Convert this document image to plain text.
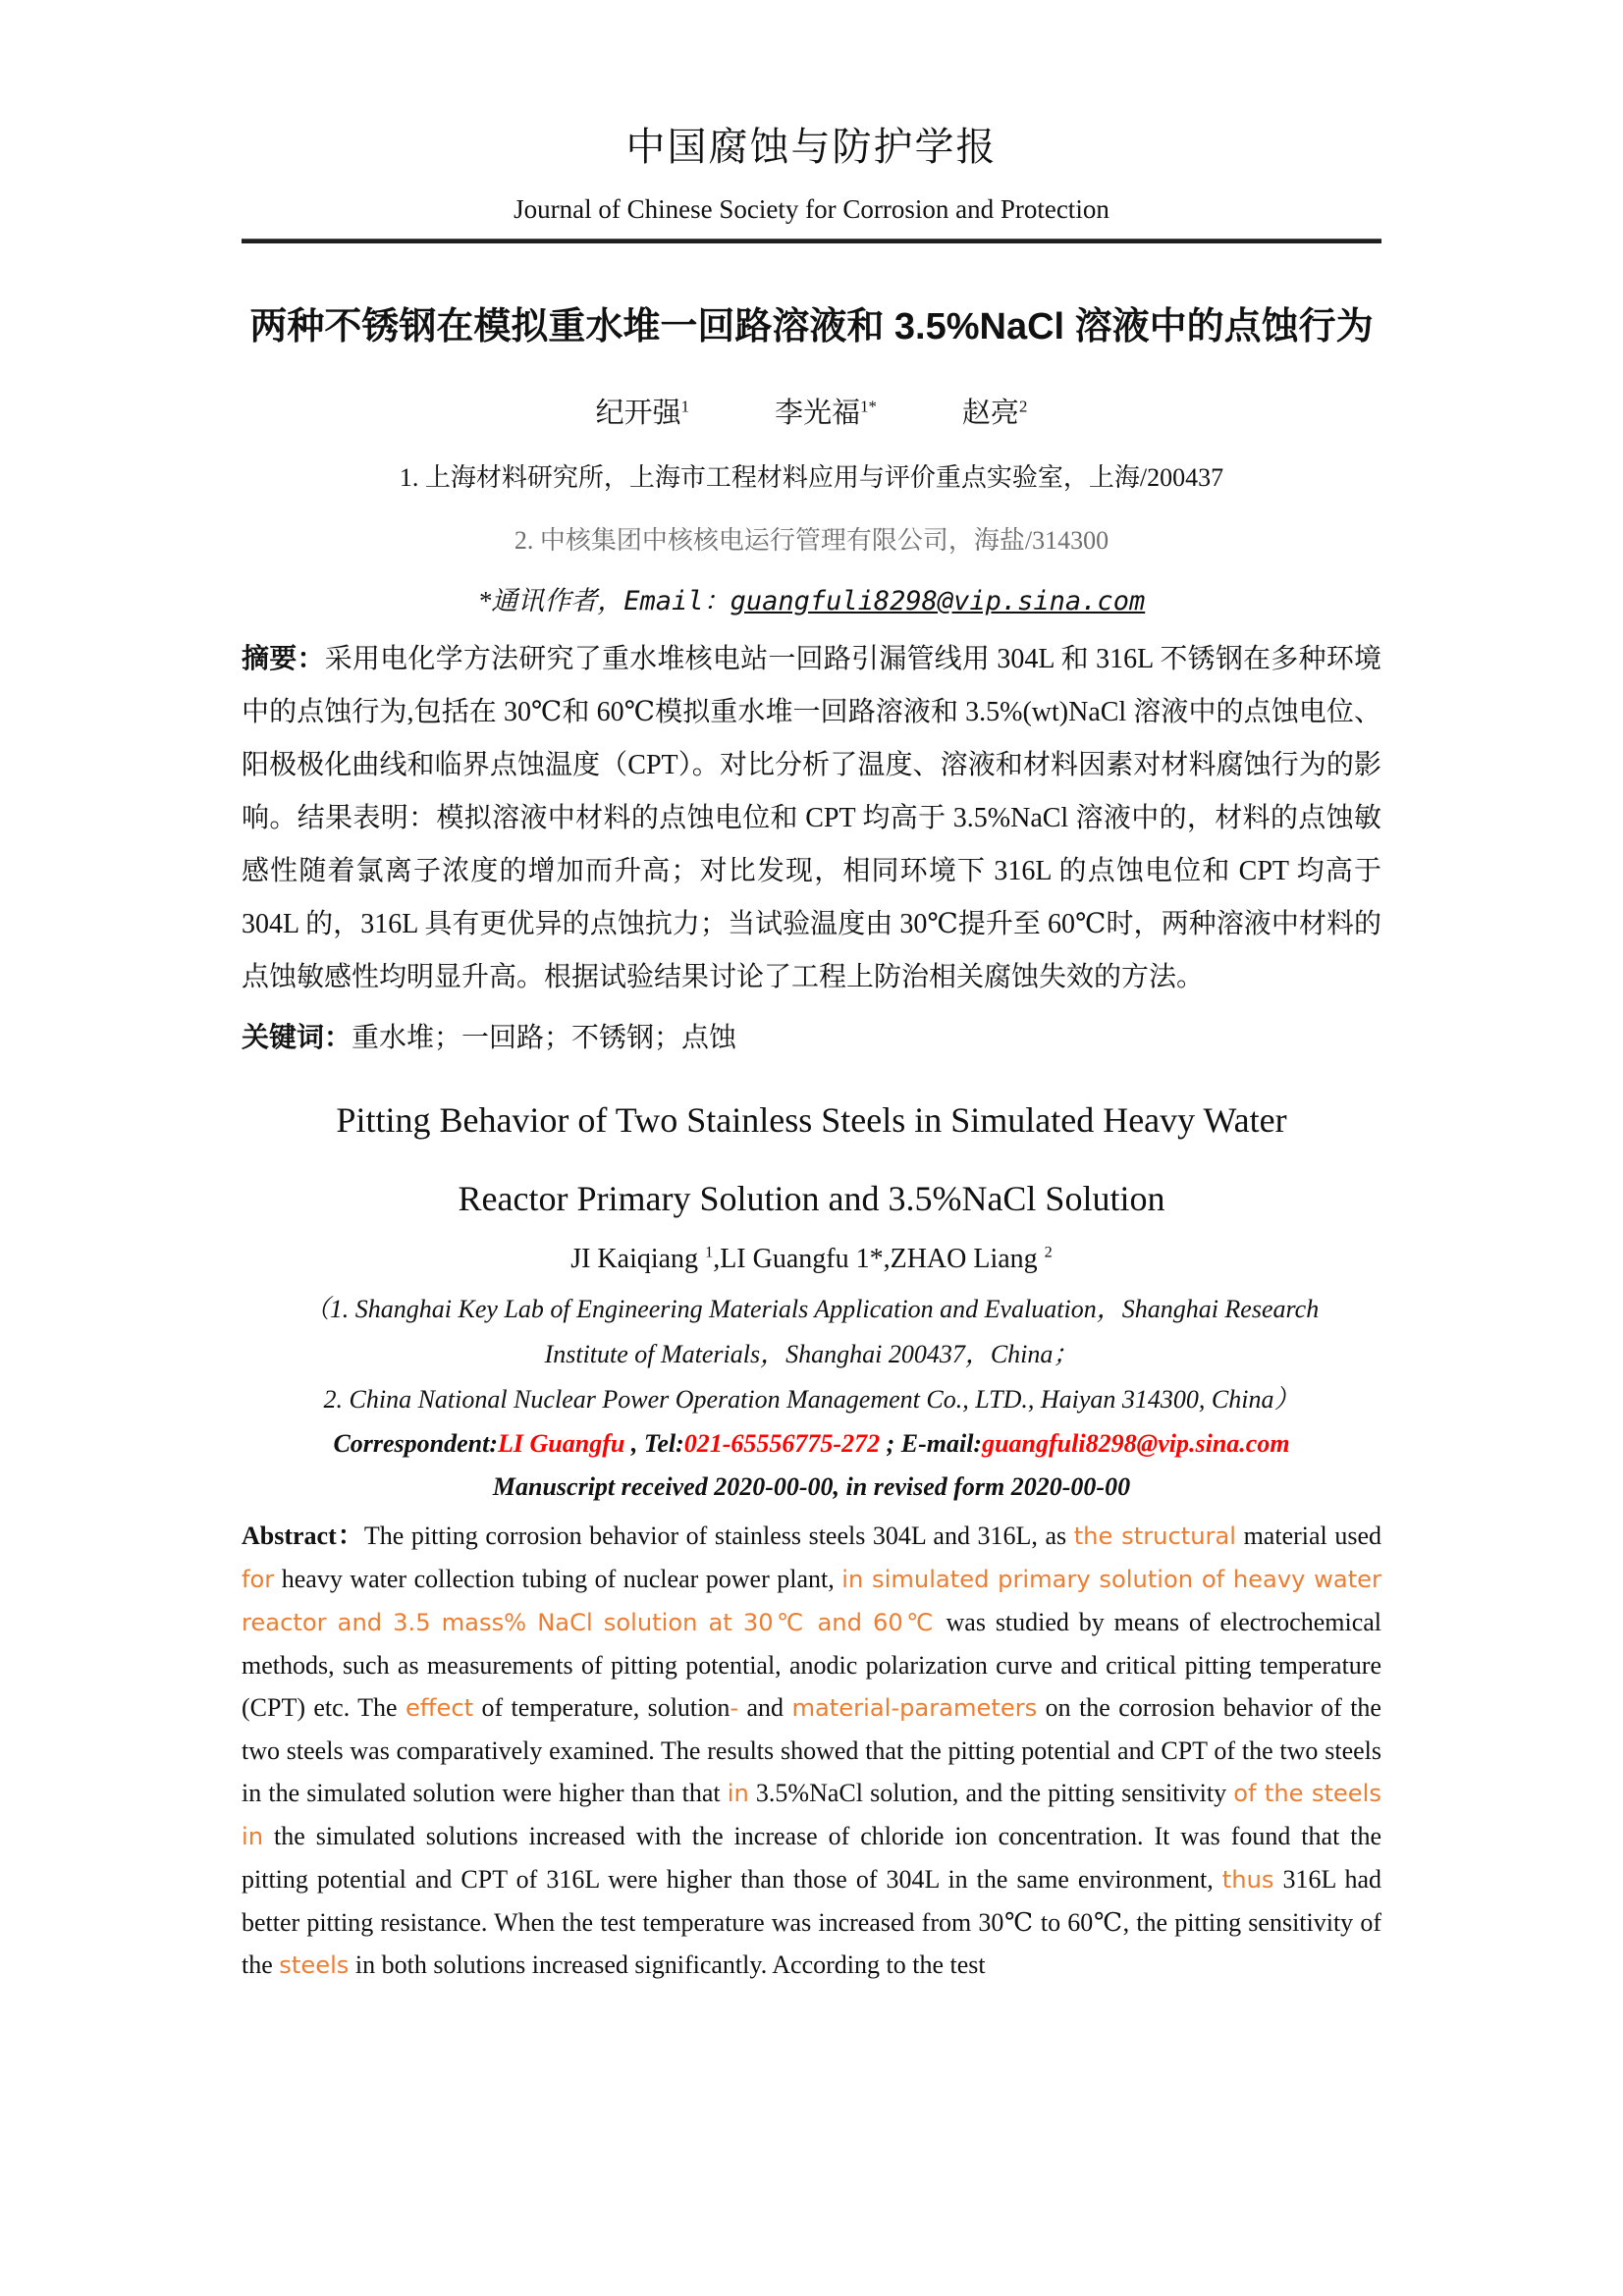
中国腐蚀与防护学报
Journal of Chinese Society for Corrosion and Protection
两种不锈钢在模拟重水堆一回路溶液和 3.5%NaCl 溶液中的点蚀行为
纪开强$^1$　　　	李光福$^{1*}$　　　	赵亮$^2$
1. 上海材料研究所，上海市工程材料应用与评价重点实验室，上海/200437
2. 中核集团中核核电运行管理有限公司，海盐/314300
*通讯作者，Email：guangfuli8298@vip.sina.com

摘要：采用电化学方法研究了重水堆核电站一回路引漏管线用 304L 和 316L 不锈钢在多种环境中的点蚀行为,包括在 30℃和 60℃模拟重水堆一回路溶液和 3.5%(wt)NaCl 溶液中的点蚀电位、阳极极化曲线和临界点蚀温度（CPT）。对比分析了温度、溶液和材料因素对材料腐蚀行为的影响。结果表明：模拟溶液中材料的点蚀电位和 CPT 均高于 3.5%NaCl 溶液中的，材料的点蚀敏感性随着氯离子浓度的增加而升高；对比发现，相同环境下 316L 的点蚀电位和 CPT 均高于 304L 的，316L 具有更优异的点蚀抗力；当试验温度由 30℃提升至 60℃时，两种溶液中材料的点蚀敏感性均明显升高。根据试验结果讨论了工程上防治相关腐蚀失效的方法。

关键词：重水堆；一回路；不锈钢；点蚀

Pitting Behavior of Two Stainless Steels in Simulated Heavy Water
Reactor Primary Solution and 3.5%NaCl Solution
JI Kaiqiang $^1$,LI Guangfu 1*,ZHAO Liang $^2$
（1. Shanghai Key Lab of Engineering Materials Application and Evaluation，Shanghai Research
Institute of Materials，Shanghai 200437，China；
2. China National Nuclear Power Operation Management Co., LTD., Haiyan 314300, China）
Correspondent:LI Guangfu , Tel:021-65556775-272 ; E-mail:guangfuli8298@vip.sina.com
Manuscript received 2020-00-00, in revised form 2020-00-00

Abstract：The pitting corrosion behavior of stainless steels 304L and 316L, as the structural material used for heavy water collection tubing of nuclear power plant, in simulated primary solution of heavy water reactor and 3.5 mass% NaCl solution at 30℃ and 60℃ was studied by means of electrochemical methods, such as measurements of pitting potential, anodic polarization curve and critical pitting temperature (CPT) etc. The effect of temperature, solution- and material-parameters on the corrosion behavior of the two steels was comparatively examined. The results showed that the pitting potential and CPT of the two steels in the simulated solution were higher than that in 3.5%NaCl solution, and the pitting sensitivity of the steels in the simulated solutions increased with the increase of chloride ion concentration. It was found that the pitting potential and CPT of 316L were higher than those of 304L in the same environment, thus 316L had better pitting resistance. When the test temperature was increased from 30℃ to 60℃, the pitting sensitivity of the steels in both solutions increased significantly. According to the test
